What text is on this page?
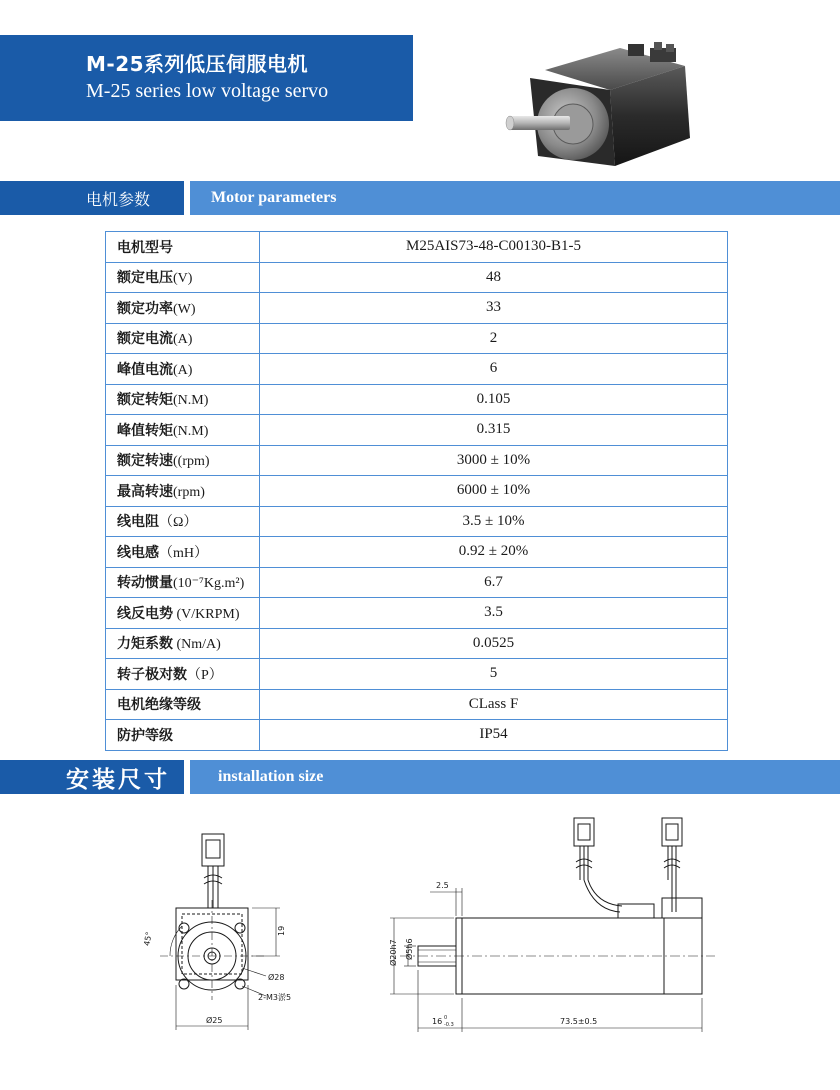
M-25系列低压伺服电机
M-25 series low voltage servo
电机参数	Motor parameters
电机型号	M25AIS73-48-C00130-B1-5
额定电压(V)	48
额定功率(W)	33
额定电流(A)	2
峰值电流(A)	6
额定转矩(N.M)	0.105
峰值转矩(N.M)	0.315
额定转速((rpm)	3000 ± 10%
最高转速(rpm)	6000 ± 10%
线电阻（Ω）	3.5 ± 10%
线电感（mH）	0.92 ± 20%
转动惯量(10⁻⁷Kg.m²)	6.7
线反电势 (V/KRPM)	3.5
力矩系数 (Nm/A)	0.0525
转子极对数（P）	5
电机绝缘等级	CLass F
防护等级	IP54
安装尺寸	installation size
45°
19
Ø28
2-M3淤5
Ø25
2.5
Ø20h7 Ø5h6
16 0
-0.3	73.5±0.5
